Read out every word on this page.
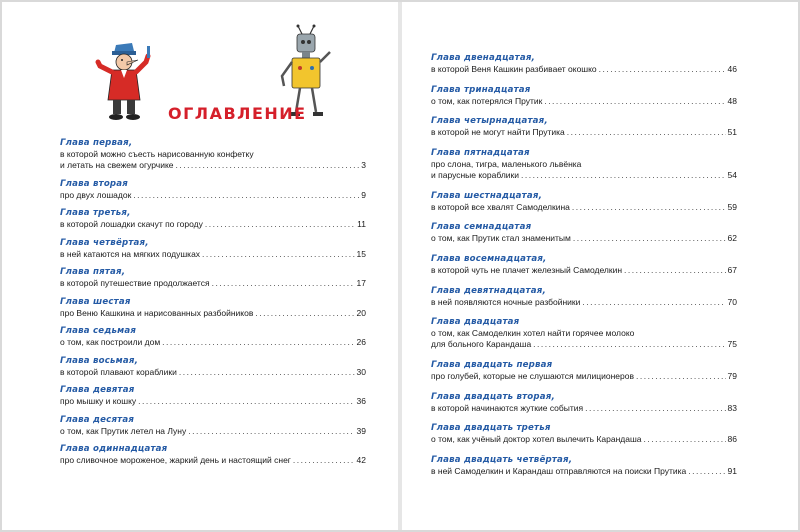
ОГЛАВЛЕНИЕ
Глава первая,
в которой можно съесть нарисованную конфетку
и летать на свежем огурчике .....	3
Глава вторая
про двух лошадок .....	9
Глава третья,
в которой лошадки скачут по городу .....	11
Глава четвёртая,
в ней катаются на мягких подушках .....	15
Глава пятая,
в которой путешествие продолжается .....	17
Глава шестая
про Веню Кашкина и нарисованных разбойников .....	20
Глава седьмая
о том, как построили дом .....	26
Глава восьмая,
в которой плавают кораблики .....	30
Глава девятая
про мышку и кошку .....	36
Глава десятая
о том, как Прутик летел на Луну .....	39
Глава одиннадцатая
про сливочное мороженое, жаркий день и настоящий снег .....	42
Глава двенадцатая,
в которой Веня Кашкин разбивает окошко .....	46
Глава тринадцатая
о том, как потерялся Прутик .....	48
Глава четырнадцатая,
в которой не могут найти Прутика .....	51
Глава пятнадцатая
про слона, тигра, маленького львёнка
и парусные кораблики .....	54
Глава шестнадцатая,
в которой все хвалят Самоделкина .....	59
Глава семнадцатая
о том, как Прутик стал знаменитым .....	62
Глава восемнадцатая,
в которой чуть не плачет железный Самоделкин .....	67
Глава девятнадцатая,
в ней появляются ночные разбойники .....	70
Глава двадцатая
о том, как Самоделкин хотел найти горячее молоко
для больного Карандаша .....	75
Глава двадцать первая
про голубей, которые не слушаются милиционеров .....	79
Глава двадцать вторая,
в которой начинаются жуткие события .....	83
Глава двадцать третья
о том, как учёный доктор хотел вылечить Карандаша .....	86
Глава двадцать четвёртая,
в ней Самоделкин и Карандаш отправляются на поиски Прутика .....	91
